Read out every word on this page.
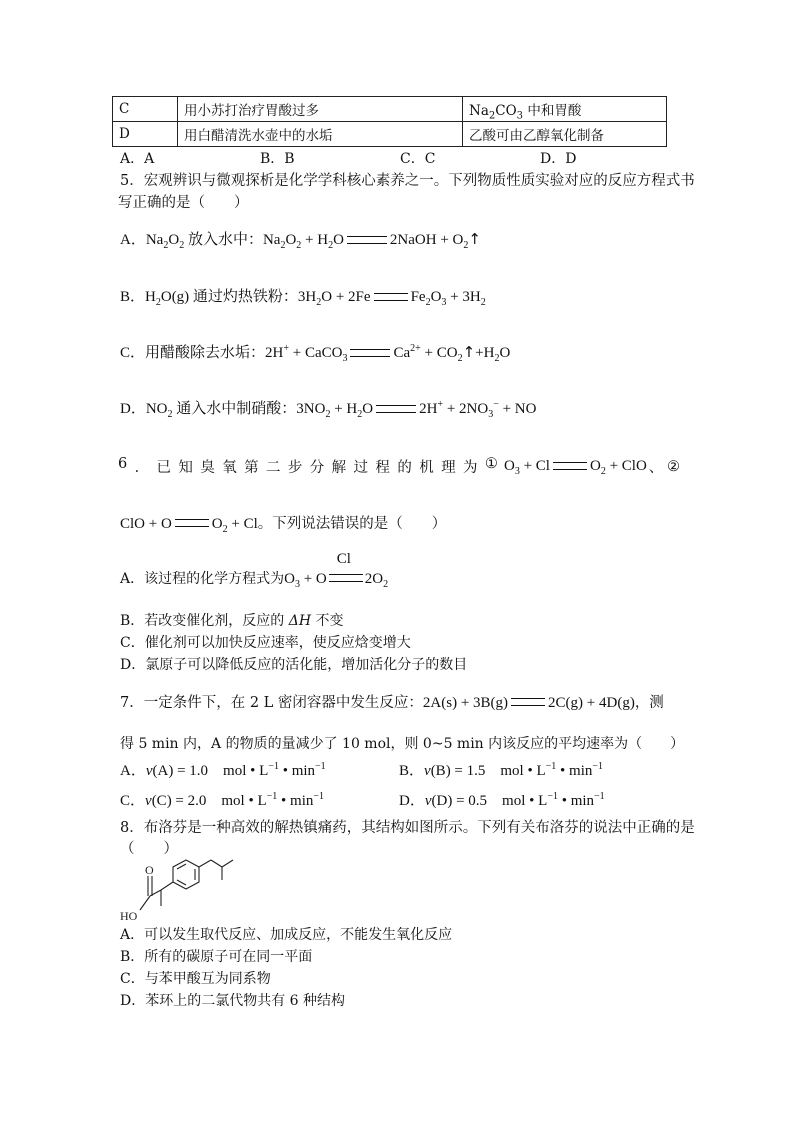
C	用小苏打治疗胃酸过多	$Na_2CO_3$ 中和胃酸
D	用白醋清洗水壶中的水垢	乙酸可由乙醇氧化制备
A．A	B．B	C．C	D．D
5．宏观辨识与微观探析是化学学科核心素养之一。下列物质性质实验对应的反应方程式书
写正确的是（　　）
A．$Na_2O_2$ 放入水中：$Na_2O_2 + H_2O$	2NaOH + $O_2↑$
B．$H_2O(g)$ 通过灼热铁粉：$3H_2O + 2Fe$	$Fe_2O_3 + 3H_2$
C．用醋酸除去水垢：2H+ + CaCO$_3$	$Ca^{2+}$ + $CO_2↑+H_2O$
D．$NO_2$ 通入水中制硝酸：$3NO_2 + H_2O$	$2H^+ + 2NO_3^-$ + NO
6 ． 已 知 臭 氧 第 二 步 分 解 过 程 的 机 理 为 ① $O_3 + Cl$	$O_2$ + ClO 、 ②
ClO + O	$O_2 + Cl$。下列说法错误的是（　　）
A．该过程的化学方程式为$O_3 + O$
Cl
$2O_2$
B．若改变催化剂，反应的 ΔH 不变
C．催化剂可以加快反应速率，使反应焓变增大
D．氯原子可以降低反应的活化能，增加活化分子的数目
7．一定条件下，在 2 L 密闭容器中发生反应：2A(s) + 3B(g)	2C(g) + 4D(g)，测
得 5 min 内，A 的物质的量减少了 10 mol，则 0~5 min 内该反应的平均速率为（　　）
A．v(A) = 1.0　mol • $L^{-1}$ • $\min^{-1}$	B．v(B) = 1.5　mol • $L^{-1}$ • $\min^{-1}$
C．v(C) = 2.0　mol • $L^{-1}$ • $\min^{-1}$	D．v(D) = 0.5　mol • $L^{-1}$ • $\min^{-1}$
8．布洛芬是一种高效的解热镇痛药，其结构如图所示。下列有关布洛芬的说法中正确的是
（　　）
O
HO
A．可以发生取代反应、加成反应，不能发生氧化反应
B．所有的碳原子可在同一平面
C．与苯甲酸互为同系物
D．苯环上的二氯代物共有 6 种结构
